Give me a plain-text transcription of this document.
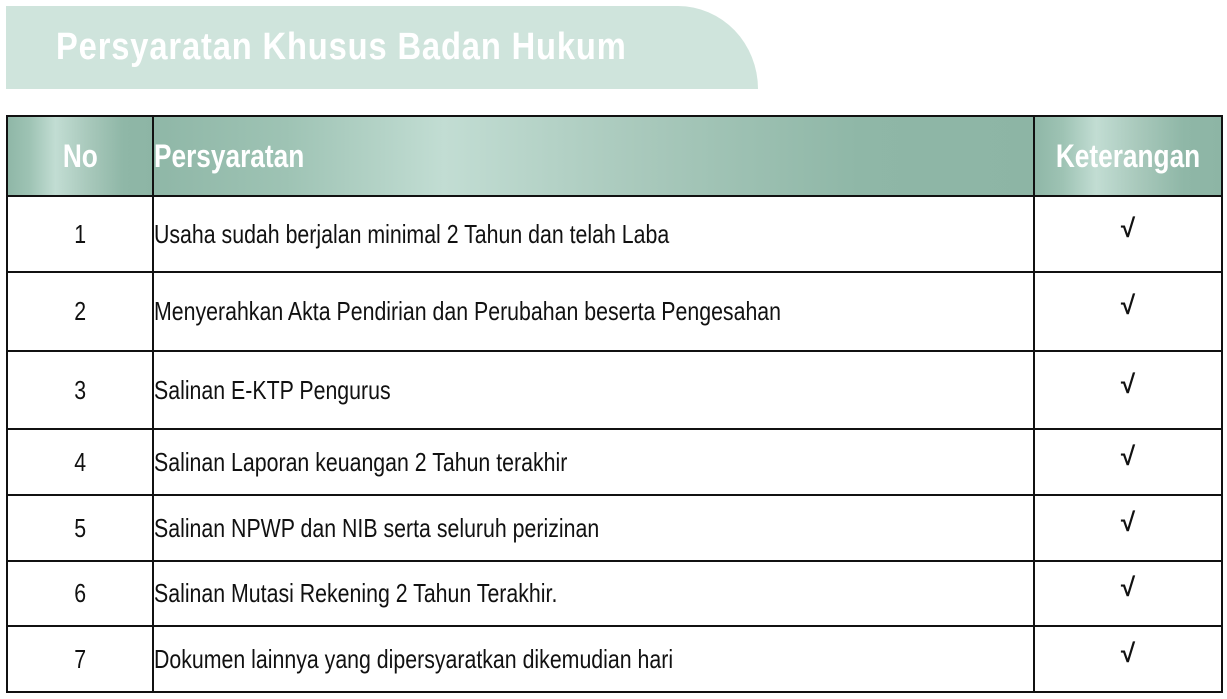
Persyaratan Khusus Badan Hukum
No	Persyaratan	Keterangan
1	Usaha sudah berjalan minimal 2 Tahun dan telah Laba	√
2	Menyerahkan Akta Pendirian dan Perubahan beserta Pengesahan	√
3	Salinan E-KTP Pengurus	√
4	Salinan Laporan keuangan 2 Tahun terakhir	√
5	Salinan NPWP dan NIB serta seluruh perizinan	√
6	Salinan Mutasi Rekening 2 Tahun Terakhir.	√
7	Dokumen lainnya yang dipersyaratkan dikemudian hari	√
